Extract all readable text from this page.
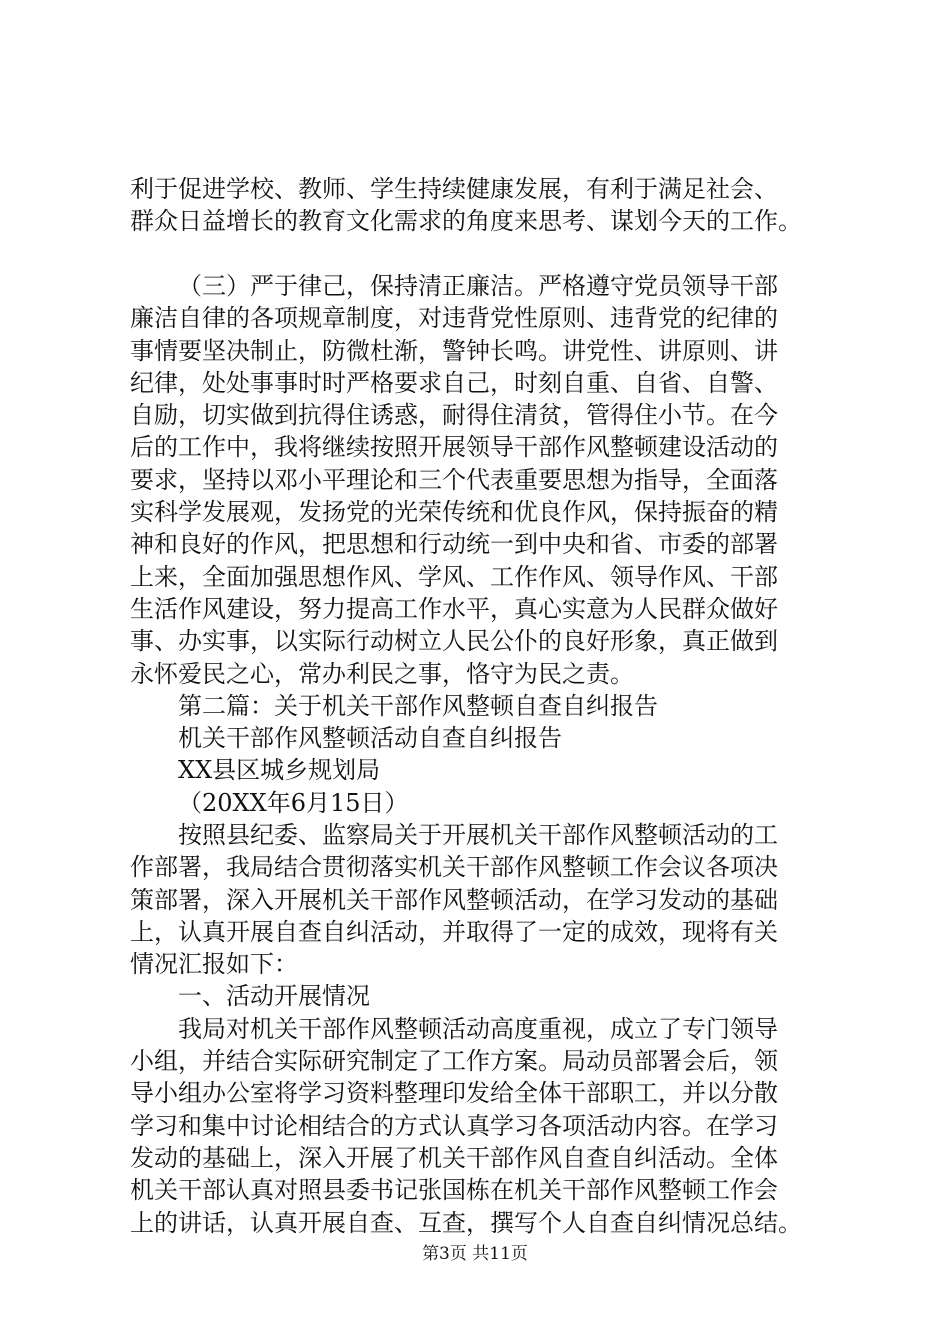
利于促进学校、教师、学生持续健康发展，有利于满足社会、
群众日益增长的教育文化需求的角度来思考、谋划今天的工作。
（三）严于律己，保持清正廉洁。严格遵守党员领导干部
廉洁自律的各项规章制度，对违背党性原则、违背党的纪律的
事情要坚决制止，防微杜渐，警钟长鸣。讲党性、讲原则、讲
纪律，处处事事时时严格要求自己，时刻自重、自省、自警、
自励，切实做到抗得住诱惑，耐得住清贫，管得住小节。在今
后的工作中，我将继续按照开展领导干部作风整顿建设活动的
要求，坚持以邓小平理论和三个代表重要思想为指导，全面落
实科学发展观，发扬党的光荣传统和优良作风，保持振奋的精
神和良好的作风，把思想和行动统一到中央和省、市委的部署
上来，全面加强思想作风、学风、工作作风、领导作风、干部
生活作风建设，努力提高工作水平，真心实意为人民群众做好
事、办实事，以实际行动树立人民公仆的良好形象，真正做到
永怀爱民之心，常办利民之事，恪守为民之责。
第二篇：关于机关干部作风整顿自查自纠报告
机关干部作风整顿活动自查自纠报告
XX县区城乡规划局
（20XX年6月15日）
按照县纪委、监察局关于开展机关干部作风整顿活动的工
作部署，我局结合贯彻落实机关干部作风整顿工作会议各项决
策部署，深入开展机关干部作风整顿活动，在学习发动的基础
上，认真开展自查自纠活动，并取得了一定的成效，现将有关
情况汇报如下：
一、活动开展情况
我局对机关干部作风整顿活动高度重视，成立了专门领导
小组，并结合实际研究制定了工作方案。局动员部署会后，领
导小组办公室将学习资料整理印发给全体干部职工，并以分散
学习和集中讨论相结合的方式认真学习各项活动内容。在学习
发动的基础上，深入开展了机关干部作风自查自纠活动。全体
机关干部认真对照县委书记张国栋在机关干部作风整顿工作会
上的讲话，认真开展自查、互查，撰写个人自查自纠情况总结。
第3页 共11页
